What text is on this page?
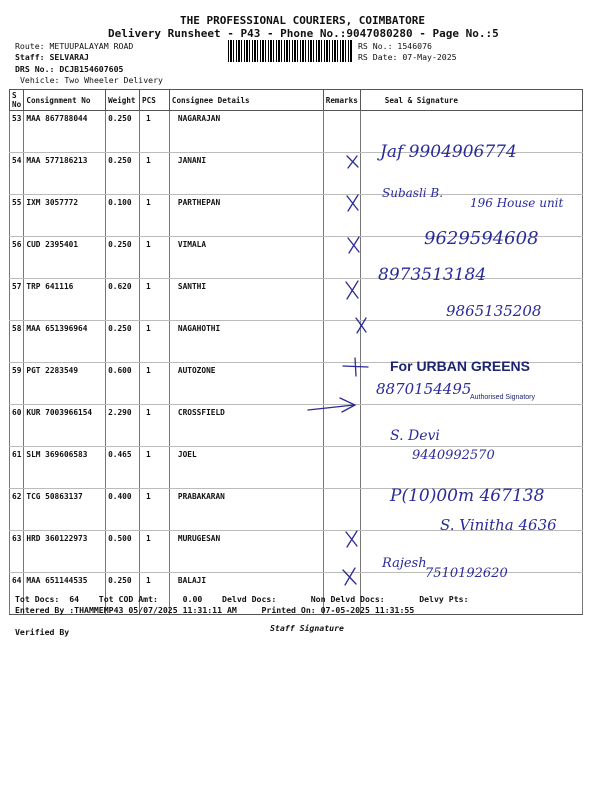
THE PROFESSIONAL COURIERS, COIMBATORE
Delivery Runsheet - P43 - Phone No.:9047080280 - Page No.:5
Route: METUUPALAYAM ROAD
Staff: SELVARAJ
DRS No.: DCJB154607605
Vehicle: Two Wheeler Delivery
RS No.: 1546076
RS Date: 07-May-2025
S No	Consignment No	Weight	PCS	Consignee Details	Remarks	Seal & Signature
53	MAA 867788044	0.250	1	NAGARAJAN		
54	MAA 577186213	0.250	1	JANANI		
55	IXM 3057772	0.100	1	PARTHEPAN		
56	CUD 2395401	0.250	1	VIMALA		
57	TRP 641116	0.620	1	SANTHI		
58	MAA 651396964	0.250	1	NAGAHOTHI		
59	PGT 2283549	0.600	1	AUTOZONE		
60	KUR 7003966154	2.290	1	CROSSFIELD		
61	SLM 369606583	0.465	1	JOEL		
62	TCG 50863137	0.400	1	PRABAKARAN		
63	HRD 360122973	0.500	1	MURUGESAN		
64	MAA 651144535	0.250	1	BALAJI		
Jaf 9904906774
Subasli B.
196 House unit
9629594608
8973513184
9865135208
For URBAN GREENS
8870154495
Authorised Signatory
S. Devi
9440992570
P(10)00m 467138
S. Vinitha 4636
Rajesh
7510192620
Tot Docs:  64    Tot COD Amt:     0.00    Delvd Docs:       Non Delvd Docs:       Delvy Pts:
Entered By :THAMMEMP43 05/07/2025 11:31:11 AM     Printed On: 07-05-2025 11:31:55
Verified By	Staff Signature
